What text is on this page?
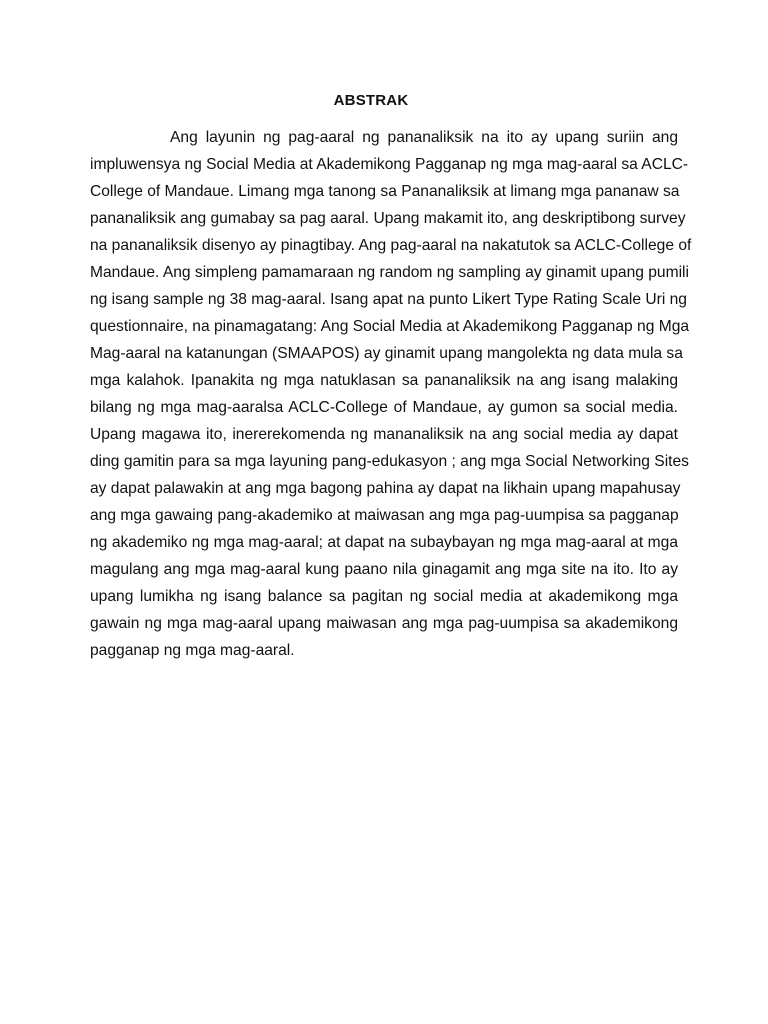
ABSTRAK
Ang layunin ng pag-aaral ng pananaliksik na ito ay upang suriin ang
impluwensya ng Social Media at Akademikong Pagganap ng mga mag-aaral sa ACLC-
College of Mandaue. Limang mga tanong sa Pananaliksik at limang mga pananaw sa
pananaliksik ang gumabay sa pag aaral. Upang makamit ito, ang deskriptibong survey
na pananaliksik disenyo ay pinagtibay. Ang pag-aaral na nakatutok sa ACLC-College of
Mandaue. Ang simpleng pamamaraan ng random ng sampling ay ginamit upang pumili
ng isang sample ng 38 mag-aaral. Isang apat na punto Likert Type Rating Scale Uri ng
questionnaire, na pinamagatang: Ang Social Media at Akademikong Pagganap ng Mga
Mag-aaral na katanungan (SMAAPOS) ay ginamit upang mangolekta ng data mula sa
mga kalahok. Ipanakita ng mga natuklasan sa pananaliksik na ang isang malaking
bilang ng mga mag-aaralsa ACLC-College of Mandaue, ay gumon sa social media.
Upang magawa ito, inererekomenda ng mananaliksik na ang social media ay dapat
ding gamitin para sa mga layuning pang-edukasyon ; ang mga Social Networking Sites
ay dapat palawakin at ang mga bagong pahina ay dapat na likhain upang mapahusay
ang mga gawaing pang-akademiko at maiwasan ang mga pag-uumpisa sa pagganap
ng akademiko ng mga mag-aaral; at dapat na subaybayan ng mga mag-aaral at mga
magulang ang mga mag-aaral kung paano nila ginagamit ang mga site na ito. Ito ay
upang lumikha ng isang balance sa pagitan ng social media at akademikong mga
gawain ng mga mag-aaral upang maiwasan ang mga pag-uumpisa sa akademikong
pagganap ng mga mag-aaral.
